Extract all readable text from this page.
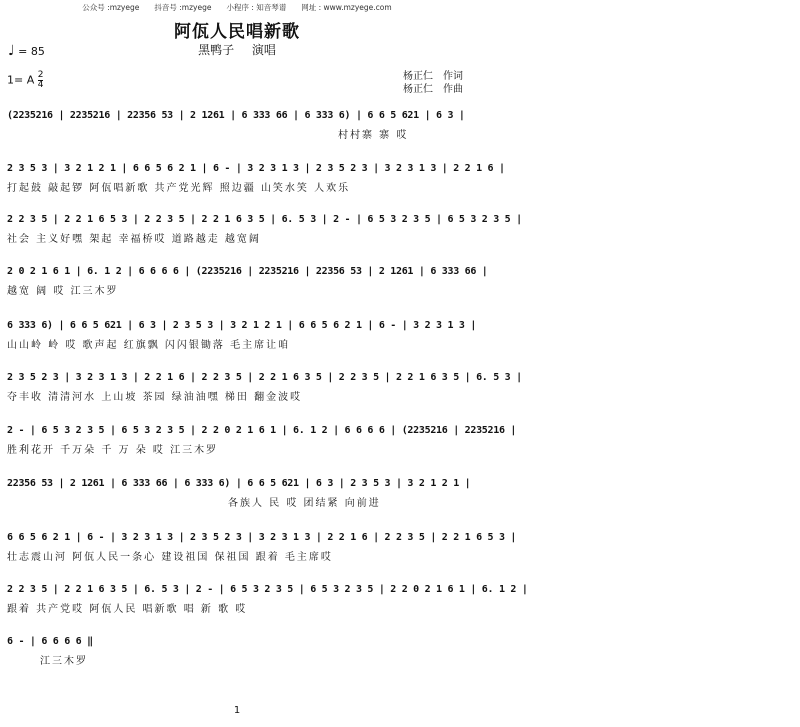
公众号 :mzyege　　抖音号 :mzyege　　小程序 : 知音琴谱　　网址 : www.mzyege.com
阿佤人民唱新歌
黑鸭子 演唱
♩ = 85
1= A $\frac{2}{4}$	杨正仁　作词
杨正仁　作曲
(2235216 | 2235216 | 22356 53 | 2 1261 | 6 333 66 | 6 333 6) | 6 6 5 621 | 6 3 |
村村寨 寨 哎
2 3 5 3 | 3 2 1 2 1 | 6 6 5 6 2 1 | 6 - | 3 2 3 1 3 | 2 3 5 2 3 | 3 2 3 1 3 | 2 2 1 6 |
打起鼓 敲起锣 阿佤唱新歌 共产党光辉 照边疆 山笑水笑 人欢乐
2 2 3 5 | 2 2 1 6 5 3 | 2 2 3 5 | 2 2 1 6 3 5 | 6. 5 3 | 2 - | 6 5 3 2 3 5 | 6 5 3 2 3 5 |
社会 主义好嘿 架起 幸福桥哎 道路越走 越宽阔
2 0 2 1 6 1 | 6. 1 2 | 6 6 6 6 | (2235216 | 2235216 | 22356 53 | 2 1261 | 6 333 66 |
越宽 阔 哎 江三木罗
6 333 6) | 6 6 5 621 | 6 3 | 2 3 5 3 | 3 2 1 2 1 | 6 6 5 6 2 1 | 6 - | 3 2 3 1 3 |
山山岭 岭 哎 歌声起 红旗飘 闪闪银锄落 毛主席让咱
2 3 5 2 3 | 3 2 3 1 3 | 2 2 1 6 | 2 2 3 5 | 2 2 1 6 3 5 | 2 2 3 5 | 2 2 1 6 3 5 | 6. 5 3 |
夺丰收 清清河水 上山坡 茶园 绿油油嘿 梯田 翻金波哎
2 - | 6 5 3 2 3 5 | 6 5 3 2 3 5 | 2 2 0 2 1 6 1 | 6. 1 2 | 6 6 6 6 | (2235216 | 2235216 |
胜利花开 千万朵 千 万 朵 哎 江三木罗
22356 53 | 2 1261 | 6 333 66 | 6 333 6) | 6 6 5 621 | 6 3 | 2 3 5 3 | 3 2 1 2 1 |
各族人 民 哎 团结紧 向前进
6 6 5 6 2 1 | 6 - | 3 2 3 1 3 | 2 3 5 2 3 | 3 2 3 1 3 | 2 2 1 6 | 2 2 3 5 | 2 2 1 6 5 3 |
壮志震山河 阿佤人民一条心 建设祖国 保祖国 跟着 毛主席哎
2 2 3 5 | 2 2 1 6 3 5 | 6. 5 3 | 2 - | 6 5 3 2 3 5 | 6 5 3 2 3 5 | 2 2 0 2 1 6 1 | 6. 1 2 |
跟着 共产党哎 阿佤人民 唱新歌 唱 新 歌 哎
6 - | 6 6 6 6 ‖
江三木罗
1
